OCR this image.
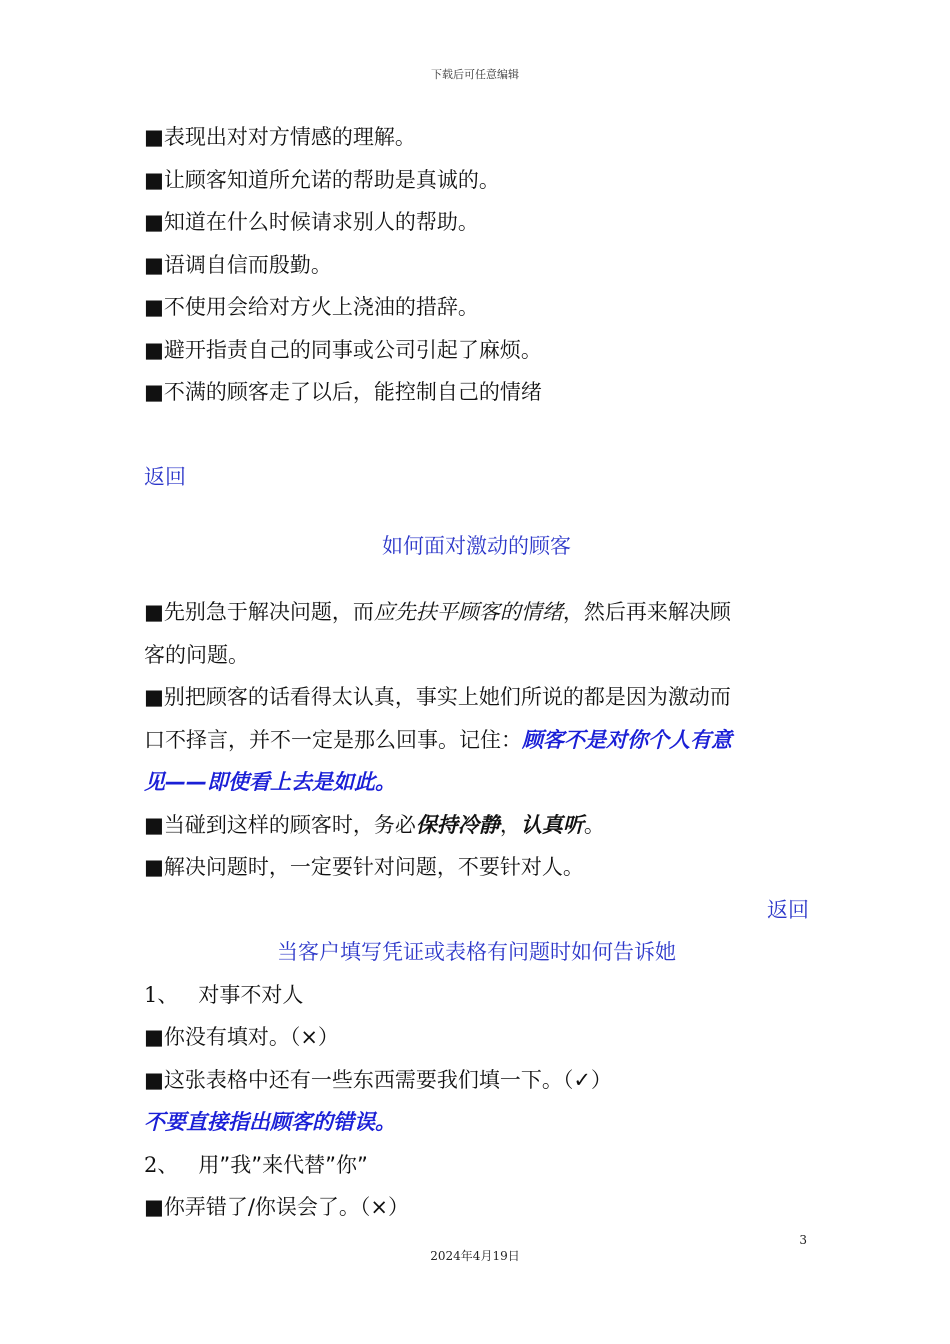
下载后可任意编辑
■表现出对对方情感的理解。
■让顾客知道所允诺的帮助是真诚的。
■知道在什么时候请求别人的帮助。
■语调自信而殷勤。
■不使用会给对方火上浇油的措辞。
■避开指责自己的同事或公司引起了麻烦。
■不满的顾客走了以后，能控制自己的情绪
返回
如何面对激动的顾客
■先别急于解决问题，而应先扶平顾客的情绪，然后再来解决顾
客的问题。
■别把顾客的话看得太认真，事实上她们所说的都是因为激动而
口不择言，并不一定是那么回事。记住：顾客不是对你个人有意
见——即使看上去是如此。
■当碰到这样的顾客时，务必保持冷静，认真听。
■解决问题时，一定要针对问题，不要针对人。
返回
当客户填写凭证或表格有问题时如何告诉她
1、 对事不对人
■你没有填对。（×）
■这张表格中还有一些东西需要我们填一下。（✓）
不要直接指出顾客的错误。
2、 用”我”来代替”你”
■你弄错了/你误会了。（×）
3
2024年4月19日
